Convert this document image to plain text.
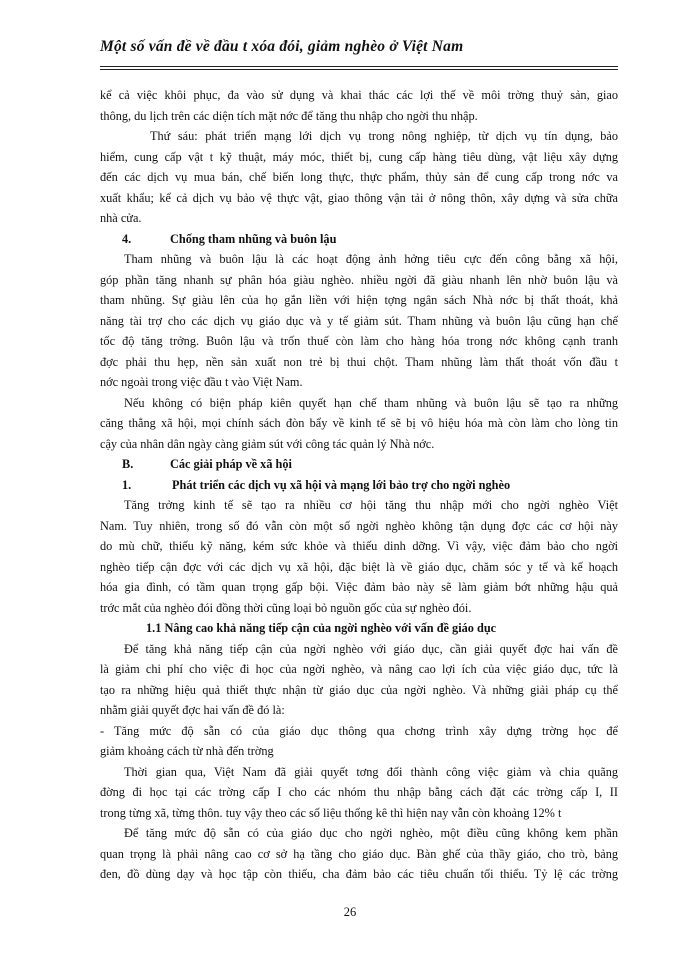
Một số vấn đề về đầu t xóa đói, giảm nghèo ở Việt Nam
kể cả việc khôi phục, đa vào sử dụng và khai thác các lợi thế về môi trờng thuỷ sản, giao
thông, du lịch trên các diện tích mặt nớc để tăng thu nhập cho ngời thu nhập.
Thứ sáu: phát triển mạng lới dịch vụ trong nông nghiệp, từ dịch vụ tín dụng, bảo
hiểm, cung cấp vật t kỹ thuật, máy móc, thiết bị, cung cấp hàng tiêu dùng, vật liệu xây dựng
đến các dịch vụ mua bán, chế biến long thực, thực phẩm, thủy sản để cung cấp trong nớc va
xuất khẩu; kể cả dịch vụ bảo vệ thực vật, giao thông vận tải ở nông thôn, xây dựng và sửa chữa
nhà cửa.
4.	Chống tham nhũng và buôn lậu
Tham nhũng và buôn lậu là các hoạt động ảnh hởng tiêu cực đến công bằng xã hội,
góp phần tăng nhanh sự phân hóa giàu nghèo. nhiều ngời đã giàu nhanh lên nhờ buôn lậu và
tham nhũng. Sự giàu lên của họ gắn liền với hiện tợng ngân sách Nhà nớc bị thất thoát, khả
năng tài trợ cho các dịch vụ giáo dục và y tế giảm sút. Tham nhũng và buôn lậu cũng hạn chế
tốc độ tăng trởng. Buôn lậu và trốn thuế còn làm cho hàng hóa trong nớc không cạnh tranh
đợc phải thu hẹp, nền sản xuất non trẻ bị thui chột. Tham nhũng làm thất thoát vốn đầu t
nớc ngoài trong việc đầu t vào Việt Nam.
Nếu không có biện pháp kiên quyết hạn chế tham nhũng và buôn lậu sẽ tạo ra những
căng thẳng xã hội, mọi chính sách đòn bẩy về kinh tế sẽ bị vô hiệu hóa mà còn làm cho lòng tin
cậy của nhân dân ngày càng giảm sút với công tác quản lý Nhà nớc.
B.	Các giải pháp về xã hội
1.	Phát triển các dịch vụ xã hội và mạng lới bảo trợ cho ngời nghèo
Tăng trởng kinh tế sẽ tạo ra nhiều cơ hội tăng thu nhập mới cho ngời nghèo Việt
Nam. Tuy nhiên, trong số đó vẫn còn một số ngời nghèo không tận dụng đợc các cơ hội này
do mù chữ, thiếu kỹ năng, kém sức khỏe và thiếu dinh dỡng. Vì vậy, việc đảm bảo cho ngời
nghèo tiếp cận đợc với các dịch vụ xã hội, đặc biệt là về giáo dục, chăm sóc y tế và kế hoạch
hóa gia đình, có tầm quan trọng gấp bội. Việc đảm bảo này sẽ làm giảm bớt những hậu quả
trớc mắt của nghèo đói đồng thời cũng loại bỏ nguồn gốc của sự nghèo đói.
1.1 Nâng cao khả năng tiếp cận của ngời nghèo với vấn đề giáo dục
Để tăng khả năng tiếp cận của ngời nghèo với giáo dục, cần giải quyết đợc hai vấn đề
là giảm chi phí cho việc đi học của ngời nghèo, và nâng cao lợi ích của việc giáo dục, tức là
tạo ra những hiệu quả thiết thực nhận từ giáo dục của ngời nghèo. Và những giải pháp cụ thể
nhằm giải quyết đợc hai vấn đề đó là:
- Tăng mức độ sẵn có của giáo dục thông qua chơng trình xây dựng trờng học để
giảm khoảng cách từ nhà đến trờng
Thời gian qua, Việt Nam đã giải quyết tơng đối thành công việc giảm và chia quãng
đờng đi học tại các trờng cấp I cho các nhóm thu nhập bằng cách đặt các trờng cấp I, II
trong từng xã, từng thôn. tuy vậy theo các số liệu thống kê thì hiện nay vẫn còn khoảng 12% t
Để tăng mức độ sẵn có của giáo dục cho ngời nghèo, một điều cũng không kem phần
quan trọng là phải nâng cao cơ sở hạ tầng cho giáo dục. Bàn ghế của thầy giáo, cho trò, bảng
đen, đồ dùng dạy và học tập còn thiếu, cha đảm bảo các tiêu chuẩn tối thiểu. Tỷ lệ các trờng
26
